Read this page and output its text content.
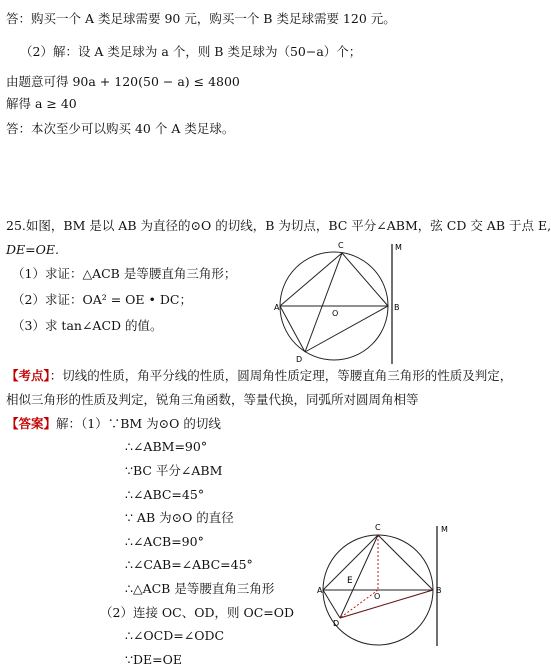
答：购买一个 A 类足球需要 90 元，购买一个 B 类足球需要 120 元。
（2）解：设 A 类足球为 a 个，则 B 类足球为（50−a）个；
由题意可得 90a + 120(50 − a) ≤ 4800
解得 a ≥ 40
答：本次至少可以购买 40 个 A 类足球。
25.如图，BM 是以 AB 为直径的⊙O 的切线，B 为切点，BC 平分∠ABM，弦 CD 交 AB 于点 E,
DE=OE.
（1）求证：△ACB 是等腰直角三角形；
（2）求证：OA² = OE • DC；
（3）求 tan∠ACD 的值。
M
C
A
O
B
D
【考点】：切线的性质，角平分线的性质，圆周角性质定理，等腰直角三角形的性质及判定，
相似三角形的性质及判定，锐角三角函数，等量代换，同弧所对圆周角相等
【答案】解：（1）∵BM 为⊙O 的切线
∴∠ABM=90°
∵BC 平分∠ABM
∴∠ABC=45°
∵ AB 为⊙O 的直径
∴∠ACB=90°
∴∠CAB=∠ABC=45°
∴△ACB 是等腰直角三角形
（2）连接 OC、OD，则 OC=OD
∴∠OCD=∠ODC
∵DE=OE
M
C
A
E
O
B
D
